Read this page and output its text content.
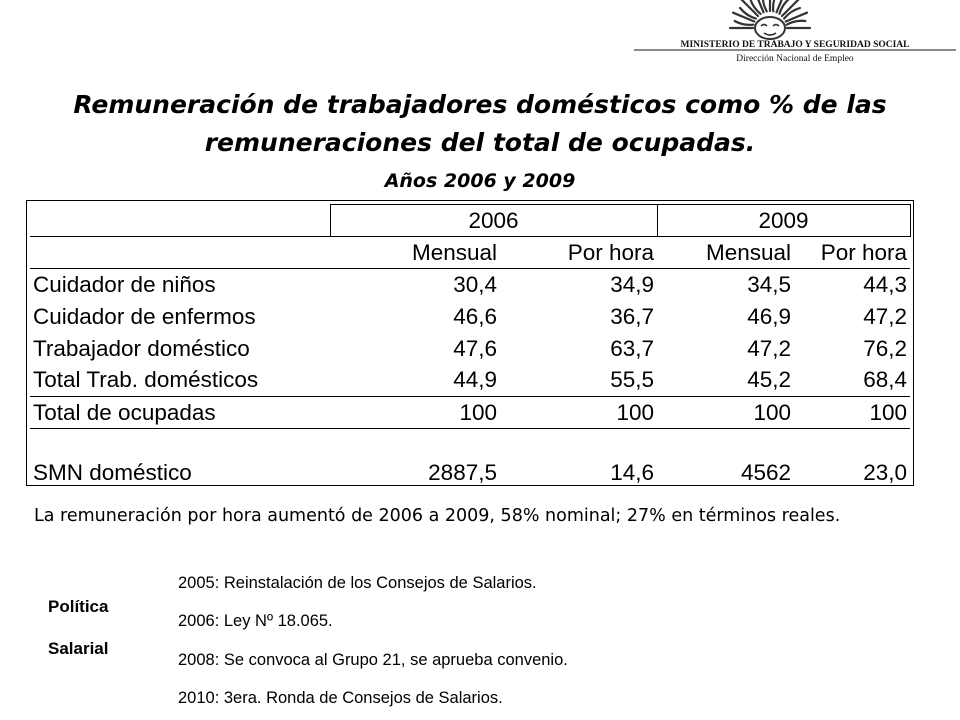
MINISTERIO DE TRABAJO Y SEGURIDAD SOCIAL
Dirección Nacional de Empleo
Remuneración de trabajadores domésticos como % de las remuneraciones del total de ocupadas.
Años 2006 y 2009
	2006		2009	
	Mensual	Por hora	Mensual	Por hora
Cuidador de niños	30,4	34,9	34,5	44,3
Cuidador de enfermos	46,6	36,7	46,9	47,2
Trabajador doméstico	47,6	63,7	47,2	76,2
Total Trab. domésticos	44,9	55,5	45,2	68,4
Total de ocupadas	100	100	100	100

SMN doméstico	2887,5	14,6	4562	23,0
La remuneración por hora aumentó de 2006 a 2009, 58% nominal; 27% en términos reales.
Política
Salarial
2005: Reinstalación de los Consejos de Salarios.
2006: Ley Nº 18.065.
2008: Se convoca al Grupo 21, se aprueba convenio.
2010: 3era. Ronda de Consejos de Salarios.
